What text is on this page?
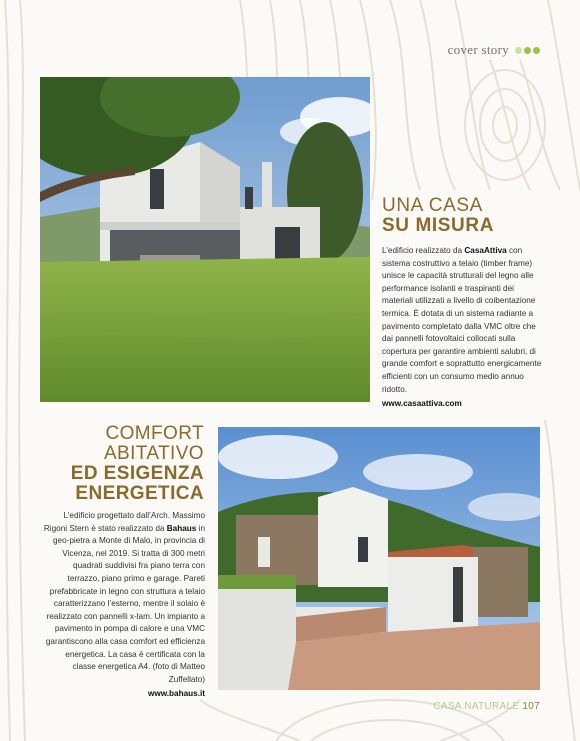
cover story
UNA CASA
SU MISURA
L’edificio realizzato da CasaAttiva con sistema costruttivo a telaio (timber frame) unisce le capacità strutturali del legno alle performance isolanti e traspiranti dei materiali utilizzati a livello di coibentazione termica. È dotata di un sistema radiante a pavimento completato dalla VMC oltre che dai pannelli fotovoltaici collocati sulla copertura per garantire ambienti salubri, di grande comfort e soprattutto energicamente efficienti con un consumo medio annuo ridotto.
www.casaattiva.com
COMFORT
ABITATIVO
ED ESIGENZA
ENERGETICA
L’edificio progettato dall’Arch. Massimo Rigoni Stern è stato realizzato da Bahaus in geo-pietra a Monte di Malo, in provincia di Vicenza, nel 2019. Si tratta di 300 metri quadrati suddivisi fra piano terra con terrazzo, piano primo e garage. Pareti prefabbricate in legno con struttura a telaio caratterizzano l’esterno, mentre il solaio è realizzato con pannelli x-lam. Un impianto a pavimento in pompa di calore e una VMC garantiscono alla casa comfort ed efficienza energetica. La casa è certificata con la classe energetica A4. (foto di Matteo Zuffellato)
www.bahaus.it
CASA NATURALE 107
